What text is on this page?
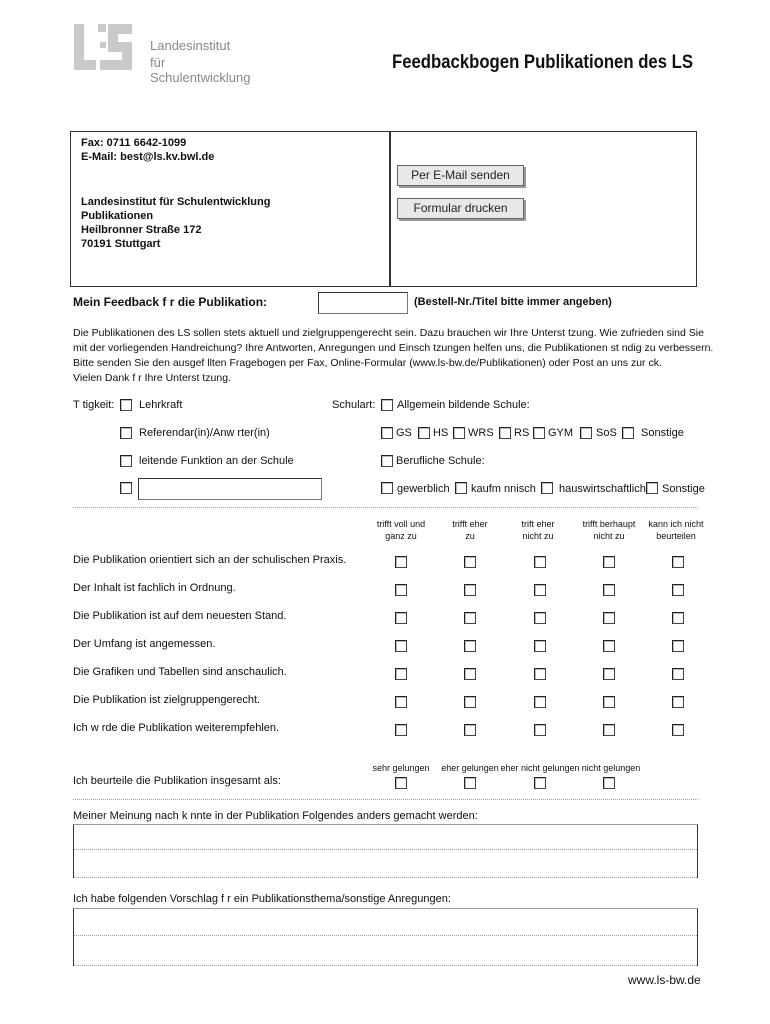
Landesinstitut
für Schulentwicklung
Feedbackbogen Publikationen des LS
Fax: 0711 6642-1099
E-Mail: best@ls.kv.bwl.de
Landesinstitut für Schulentwicklung
Publikationen
Heilbronner Straße 172
70191 Stuttgart
Per E-Mail senden
Formular drucken
Mein Feedback f r die Publikation:	(Bestell-Nr./Titel bitte immer angeben)
Die Publikationen des LS sollen stets aktuell und zielgruppengerecht sein. Dazu brauchen wir Ihre Unterst tzung. Wie zufrieden sind Sie
mit der vorliegenden Handreichung? Ihre Antworten, Anregungen und Einsch tzungen helfen uns, die Publikationen st ndig zu verbessern.
Bitte senden Sie den ausgef llten Fragebogen per Fax, Online-Formular (www.ls-bw.de/Publikationen) oder Post an uns zur ck.
Vielen Dank f r Ihre Unterst tzung.
T tigkeit: Lehrkraft
Referendar(in)/Anw rter(in)
leitende Funktion an der Schule
Schulart: Allgemein bildende Schule:
GS HS WRS RS GYM SoS Sonstige
Berufliche Schule:
gewerblich kaufm nnisch hauswirtschaftlich Sonstige
trifft voll und
ganz zu
trifft eher
zu
trift eher
nicht zu
trifft berhaupt
nicht zu
kann ich nicht
beurteilen
Die Publikation orientiert sich an der schulischen Praxis.
Der Inhalt ist fachlich in Ordnung.
Die Publikation ist auf dem neuesten Stand.
Der Umfang ist angemessen.
Die Grafiken und Tabellen sind anschaulich.
Die Publikation ist zielgruppengerecht.
Ich w rde die Publikation weiterempfehlen.
sehr gelungen eher gelungen eher nicht gelungen nicht gelungen
Ich beurteile die Publikation insgesamt als:
Meiner Meinung nach k nnte in der Publikation Folgendes anders gemacht werden:
Ich habe folgenden Vorschlag f r ein Publikationsthema/sonstige Anregungen:
www.ls-bw.de
